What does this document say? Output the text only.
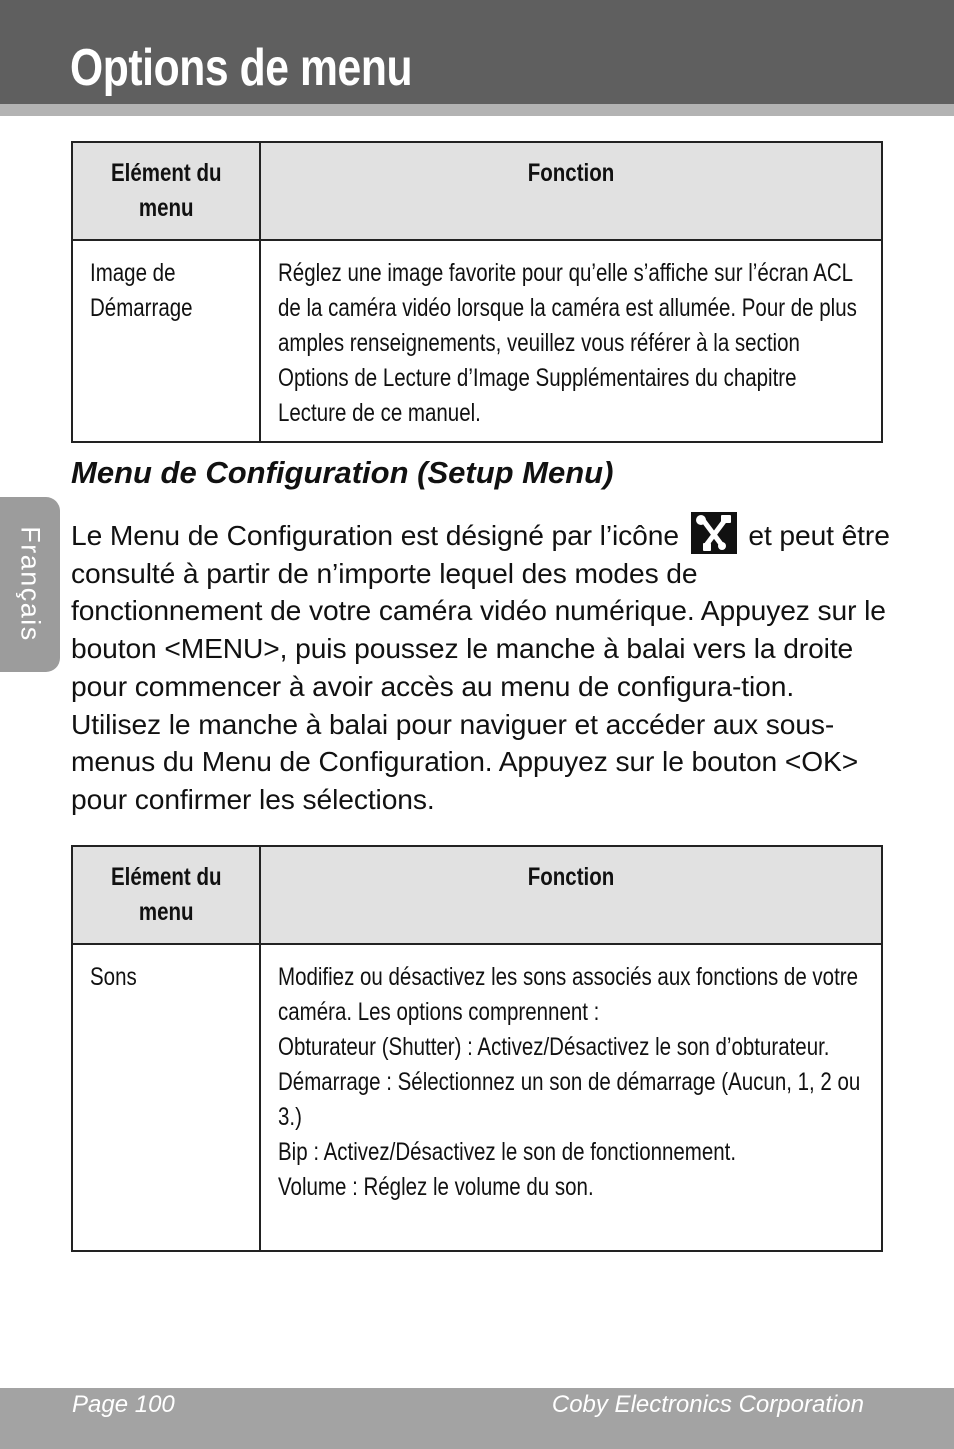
Options de menu
Français
Elément du menu	Fonction
Image de Démarrage	Réglez une image favorite pour qu’elle s’affiche sur l’écran ACL de la caméra vidéo lorsque la caméra est allumée. Pour de plus amples renseignements, veuillez vous référer à la section Options de Lecture d’Image Supplémentaires du chapitre Lecture de ce manuel.
Menu de Configuration (Setup Menu)

Le Menu de Configuration est désigné par l’icône et peut être consulté à partir de n’importe lequel des modes de fonctionnement de votre caméra vidéo numérique. Appuyez sur le bouton <MENU>, puis poussez le manche à balai vers la droite pour commencer à avoir accès au menu de configura-tion. Utilisez le manche à balai pour naviguer et accéder aux sous-menus du Menu de Configuration. Appuyez sur le bouton <OK> pour confirmer les sélections.

Elément du menu	Fonction
Sons	Modifiez ou désactivez les sons associés aux fonctions de votre caméra. Les options comprennent :
Obturateur (Shutter) : Activez/Désactivez le son d’obturateur.
Démarrage : Sélectionnez un son de démarrage (Aucun, 1, 2 ou 3.)
Bip : Activez/Désactivez le son de fonctionnement.
Volume : Réglez le volume du son.
Page 100	Coby Electronics Corporation
